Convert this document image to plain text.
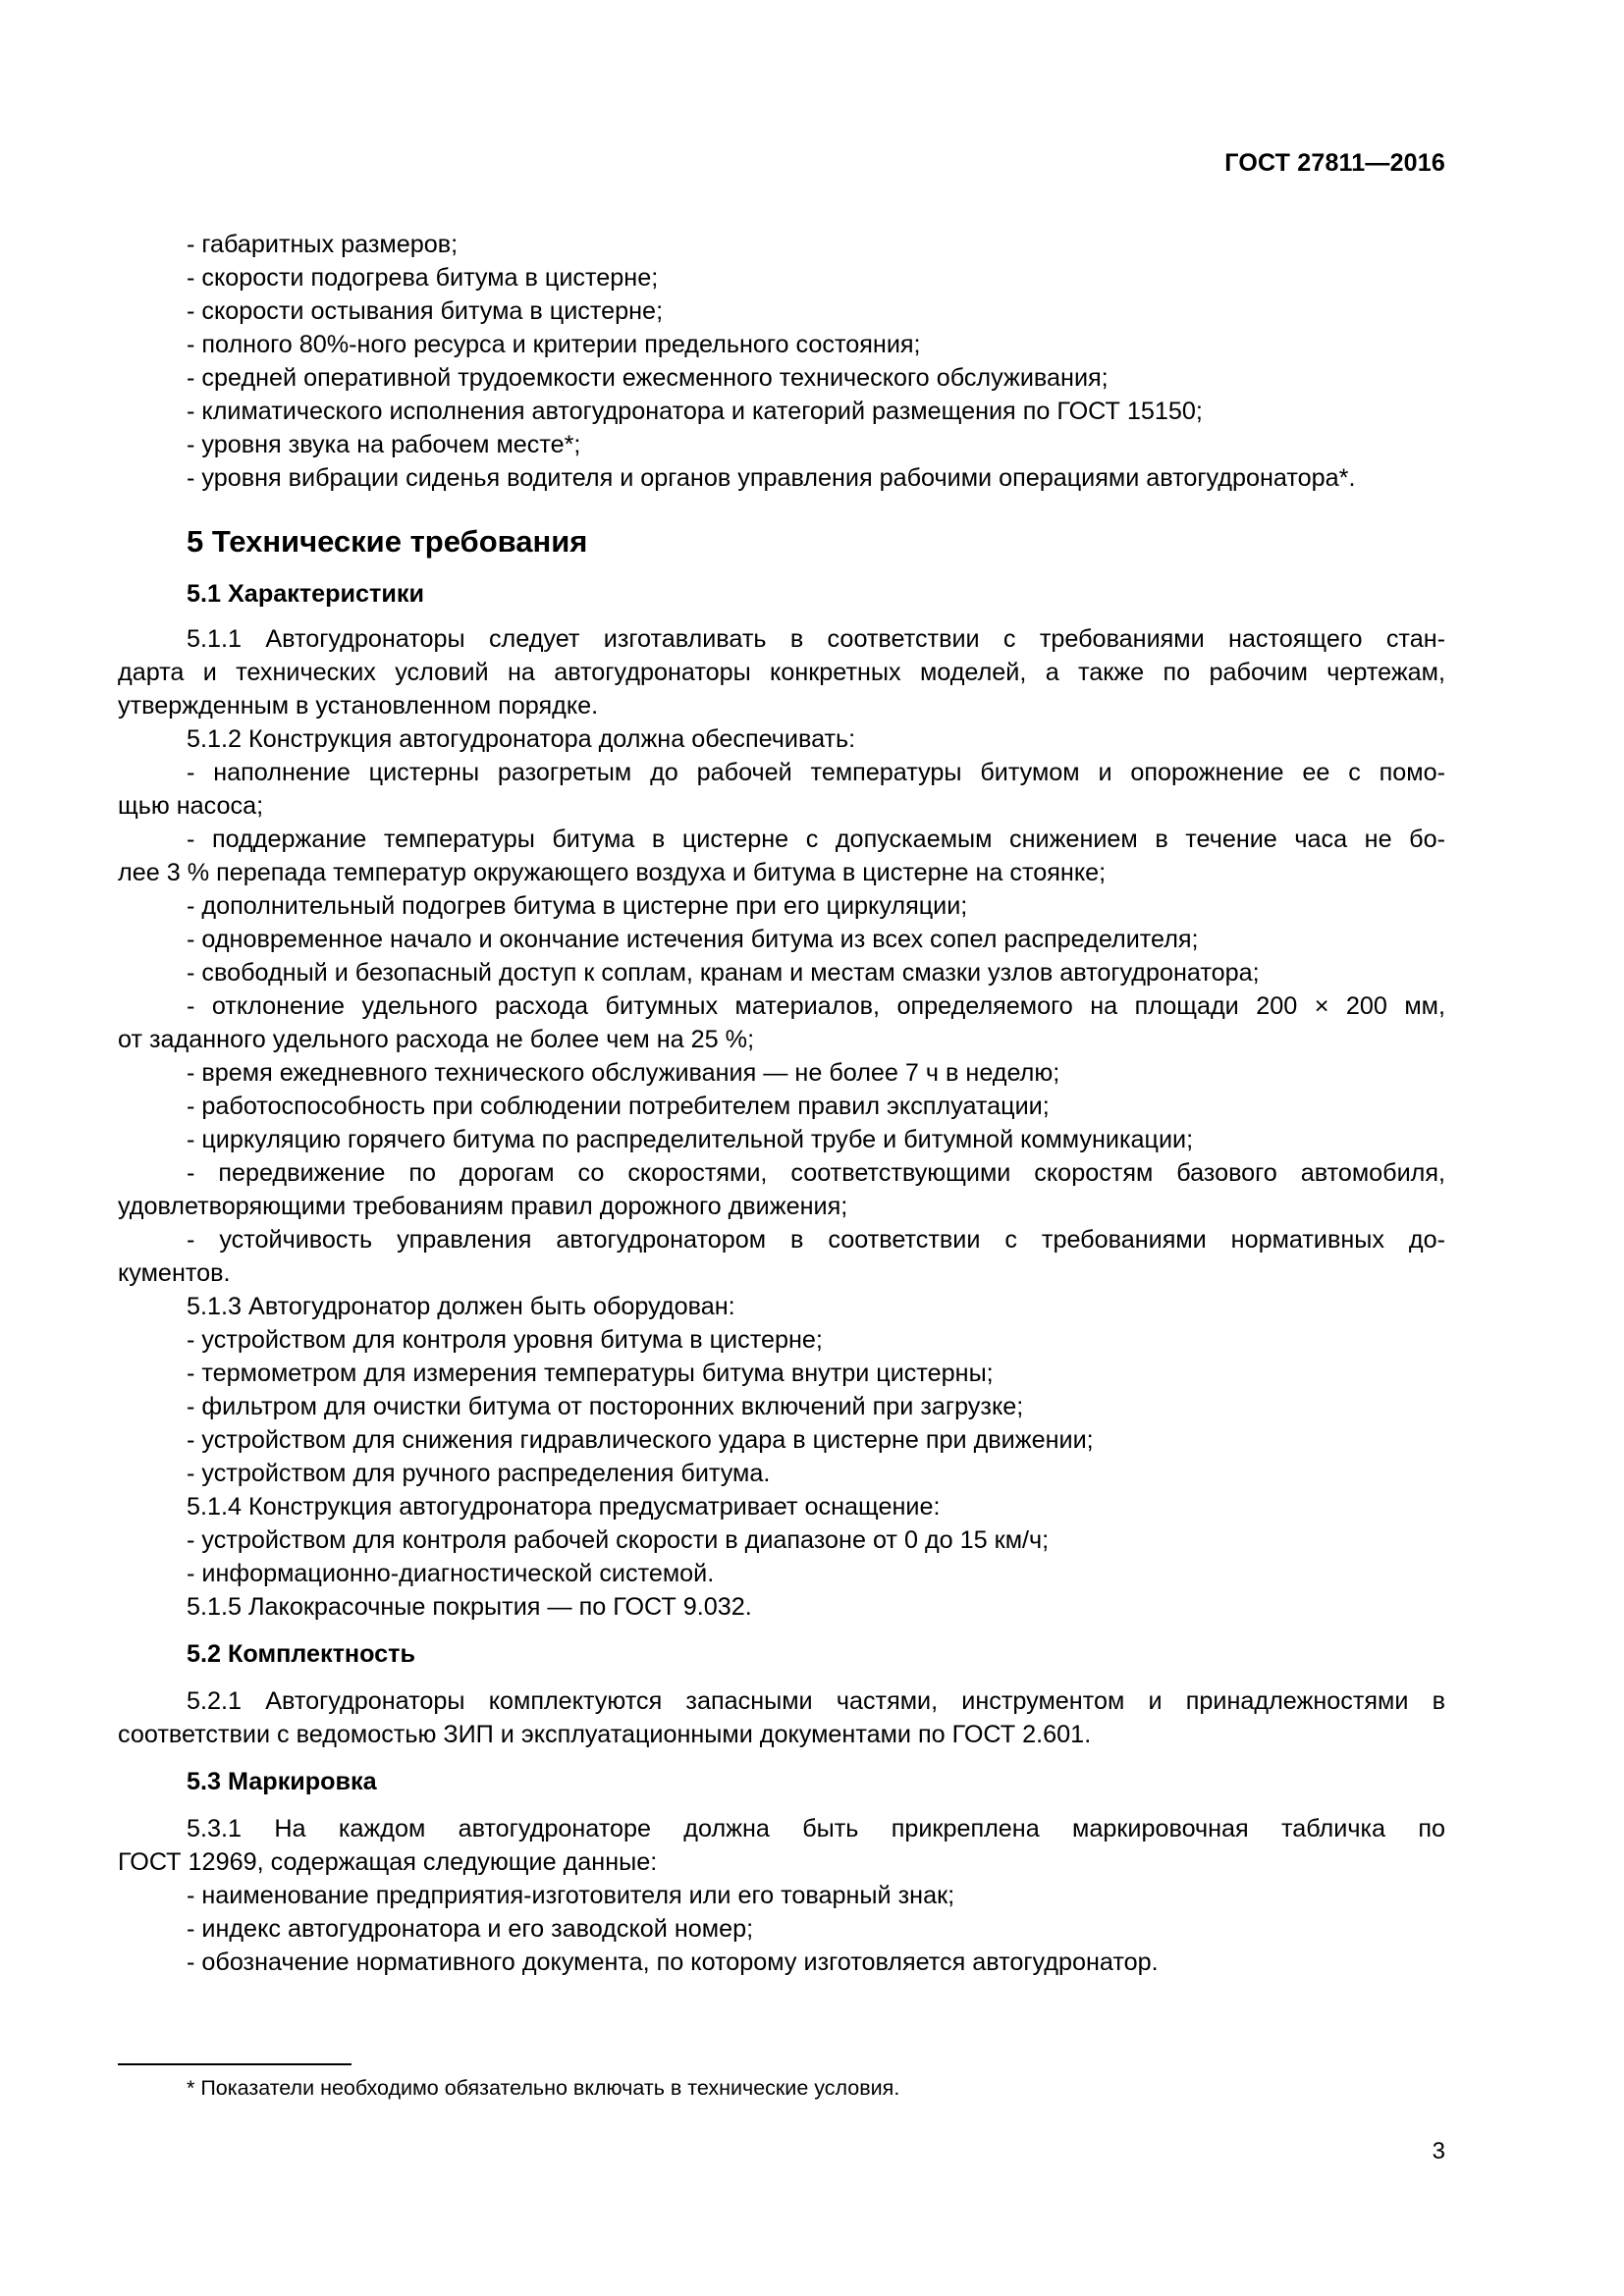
ГОСТ 27811—2016
- габаритных размеров;
- скорости подогрева битума в цистерне;
- скорости остывания битума в цистерне;
- полного 80%-ного ресурса и критерии предельного состояния;
- средней оперативной трудоемкости ежесменного технического обслуживания;
- климатического исполнения автогудронатора и категорий размещения по ГОСТ 15150;
- уровня звука на рабочем месте*;
- уровня вибрации сиденья водителя и органов управления рабочими операциями автогудронатора*.
5 Технические требования
5.1 Характеристики
5.1.1 Автогудронаторы следует изготавливать в соответствии с требованиями настоящего стан-
дарта и технических условий на автогудронаторы конкретных моделей, а также по рабочим чертежам,
утвержденным в установленном порядке.
5.1.2 Конструкция автогудронатора должна обеспечивать:
- наполнение цистерны разогретым до рабочей температуры битумом и опорожнение ее с помо-
щью насоса;
- поддержание температуры битума в цистерне с допускаемым снижением в течение часа не бо-
лее 3 % перепада температур окружающего воздуха и битума в цистерне на стоянке;
- дополнительный подогрев битума в цистерне при его циркуляции;
- одновременное начало и окончание истечения битума из всех сопел распределителя;
- свободный и безопасный доступ к соплам, кранам и местам смазки узлов автогудронатора;
- отклонение удельного расхода битумных материалов, определяемого на площади 200 × 200 мм,
от заданного удельного расхода не более чем на 25 %;
- время ежедневного технического обслуживания — не более 7 ч в неделю;
- работоспособность при соблюдении потребителем правил эксплуатации;
- циркуляцию горячего битума по распределительной трубе и битумной коммуникации;
- передвижение по дорогам со скоростями, соответствующими скоростям базового автомобиля,
удовлетворяющими требованиям правил дорожного движения;
- устойчивость управления автогудронатором в соответствии с требованиями нормативных до-
кументов.
5.1.3 Автогудронатор должен быть оборудован:
- устройством для контроля уровня битума в цистерне;
- термометром для измерения температуры битума внутри цистерны;
- фильтром для очистки битума от посторонних включений при загрузке;
- устройством для снижения гидравлического удара в цистерне при движении;
- устройством для ручного распределения битума.
5.1.4 Конструкция автогудронатора предусматривает оснащение:
- устройством для контроля рабочей скорости в диапазоне от 0 до 15 км/ч;
- информационно-диагностической системой.
5.1.5 Лакокрасочные покрытия — по ГОСТ 9.032.
5.2 Комплектность
5.2.1 Автогудронаторы комплектуются запасными частями, инструментом и принадлежностями в
соответствии с ведомостью ЗИП и эксплуатационными документами по ГОСТ 2.601.
5.3 Маркировка
5.3.1 На каждом автогудронаторе должна быть прикреплена маркировочная табличка по
ГОСТ 12969, содержащая следующие данные:
- наименование предприятия-изготовителя или его товарный знак;
- индекс автогудронатора и его заводской номер;
- обозначение нормативного документа, по которому изготовляется автогудронатор.
* Показатели необходимо обязательно включать в технические условия.
3
